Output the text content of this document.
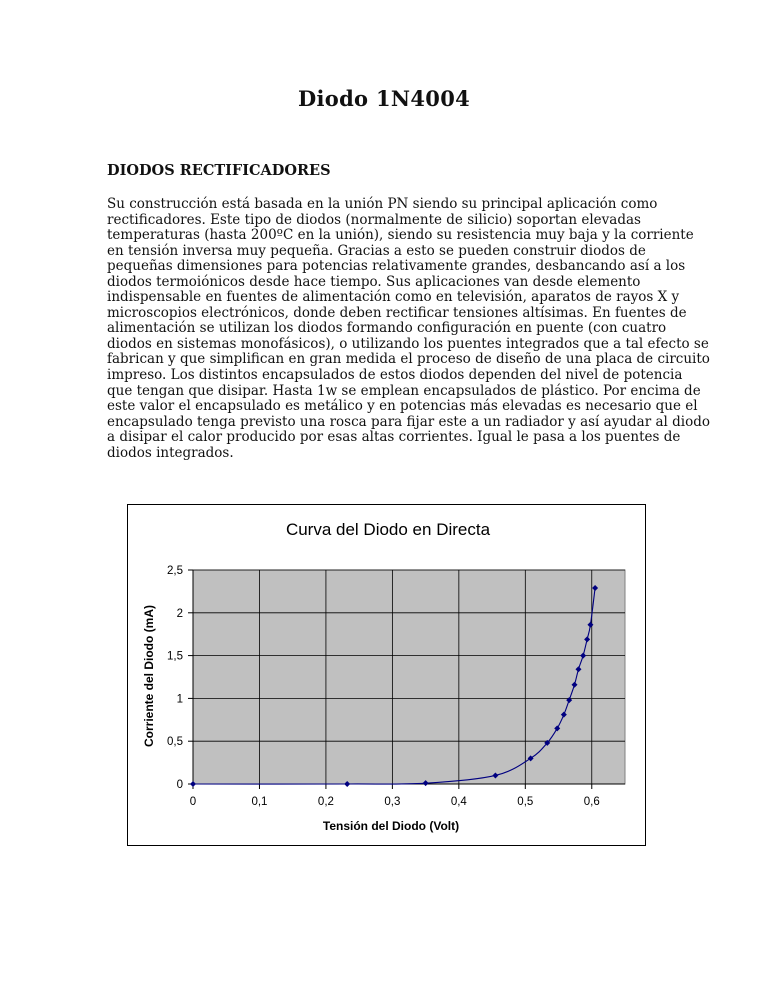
Diodo 1N4004
DIODOS RECTIFICADORES

Su construcción está basada en la unión PN siendo su principal aplicación como
rectificadores. Este tipo de diodos (normalmente de silicio) soportan elevadas
temperaturas (hasta 200ºC en la unión), siendo su resistencia muy baja y la corriente
en tensión inversa muy pequeña. Gracias a esto se pueden construir diodos de
pequeñas dimensiones para potencias relativamente grandes, desbancando así a los
diodos termoiónicos desde hace tiempo. Sus aplicaciones van desde elemento
indispensable en fuentes de alimentación como en televisión, aparatos de rayos X y
microscopios electrónicos, donde deben rectificar tensiones altísimas. En fuentes de
alimentación se utilizan los diodos formando configuración en puente (con cuatro
diodos en sistemas monofásicos), o utilizando los puentes integrados que a tal efecto se
fabrican y que simplifican en gran medida el proceso de diseño de una placa de circuito
impreso. Los distintos encapsulados de estos diodos dependen del nivel de potencia
que tengan que disipar. Hasta 1w se emplean encapsulados de plástico. Por encima de
este valor el encapsulado es metálico y en potencias más elevadas es necesario que el
encapsulado tenga previsto una rosca para fijar este a un radiador y así ayudar al diodo
a disipar el calor producido por esas altas corrientes. Igual le pasa a los puentes de
diodos integrados.

Curva del Diodo en Directa
0	0,1	0,2	0,3	0,4	0,5	0,6
0
0,5
1
1,5
2
2,5
Tensión del Diodo (Volt)
Corriente del Diodo (mA)
